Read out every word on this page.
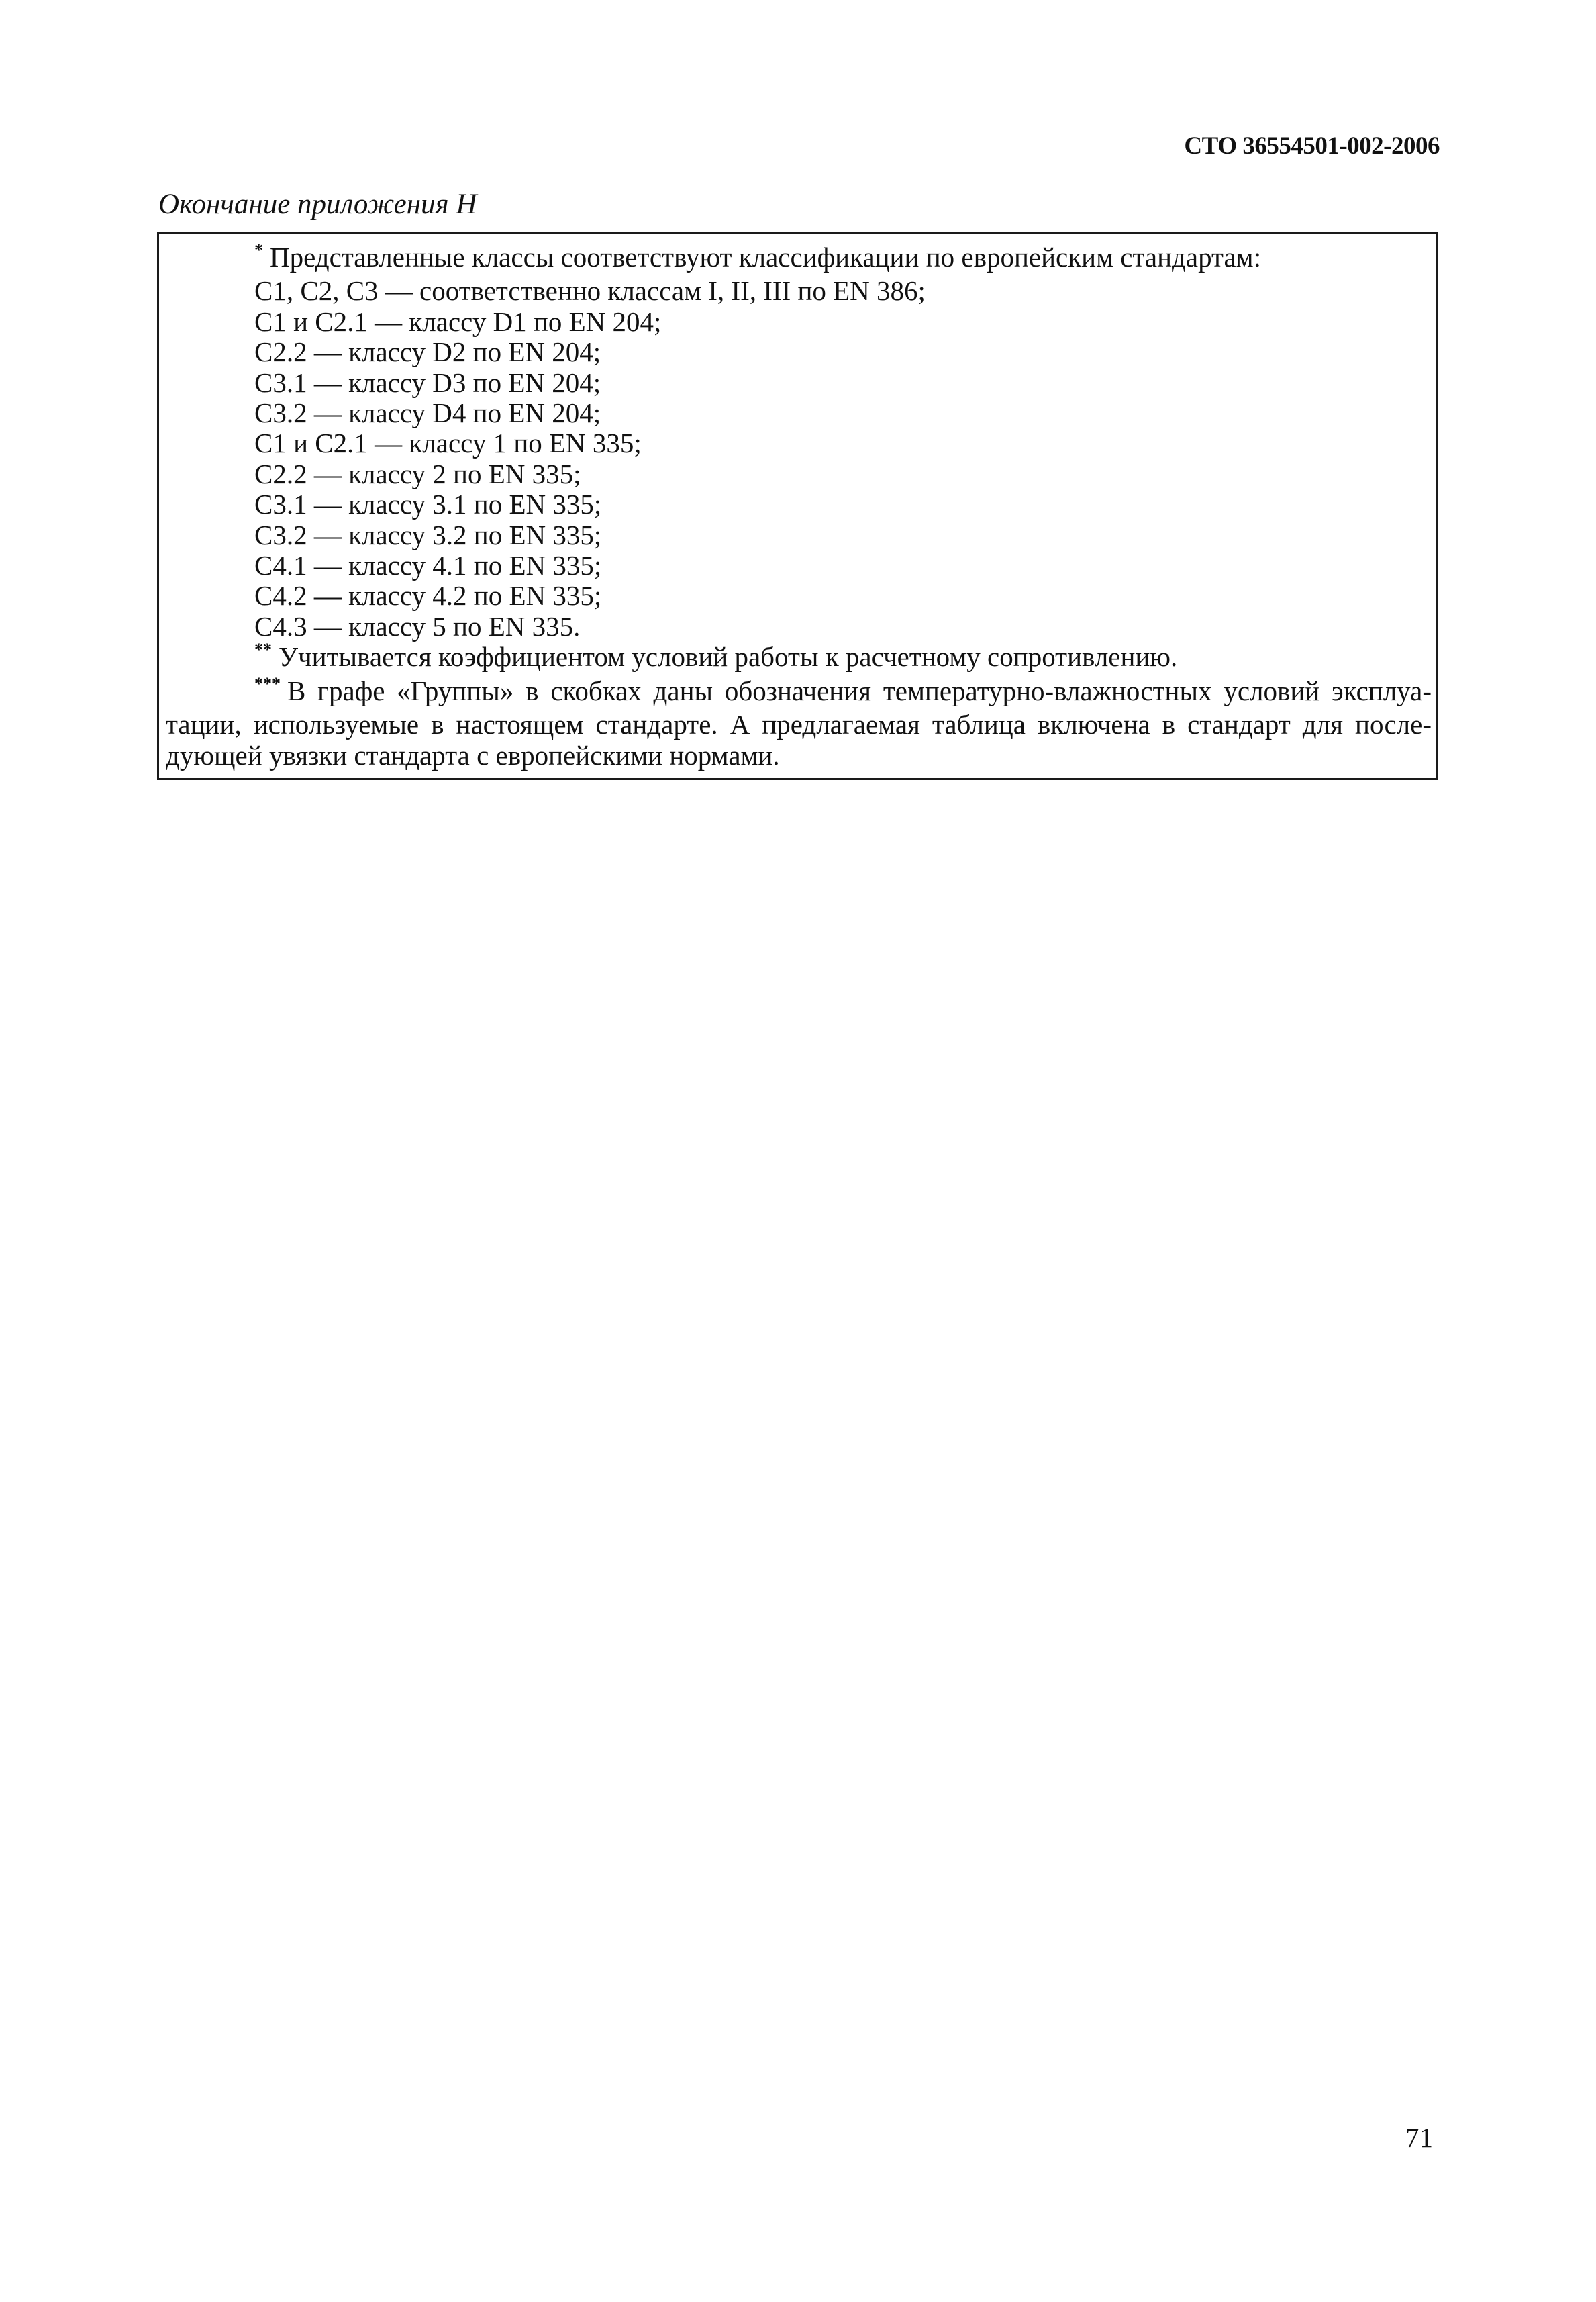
СТО 36554501-002-2006
Окончание приложения Н
* Представленные классы соответствуют классификации по европейским стандартам:
C1, C2, C3 — соответственно классам I, II, III по EN 386;
C1 и C2.1 — классу D1 по EN 204;
C2.2 — классу D2 по EN 204;
C3.1 — классу D3 по EN 204;
C3.2 — классу D4 по EN 204;
C1 и C2.1 — классу 1 по EN 335;
C2.2 — классу 2 по EN 335;
C3.1 — классу 3.1 по EN 335;
C3.2 — классу 3.2 по EN 335;
C4.1 — классу 4.1 по EN 335;
C4.2 — классу 4.2 по EN 335;
C4.3 — классу 5 по EN 335.
** Учитывается коэффициентом условий работы к расчетному сопротивлению.
*** В графе «Группы» в скобках даны обозначения температурно-влажностных условий эксплуа-
тации, используемые в настоящем стандарте. А предлагаемая таблица включена в стандарт для после-
дующей увязки стандарта с европейскими нормами.
71
